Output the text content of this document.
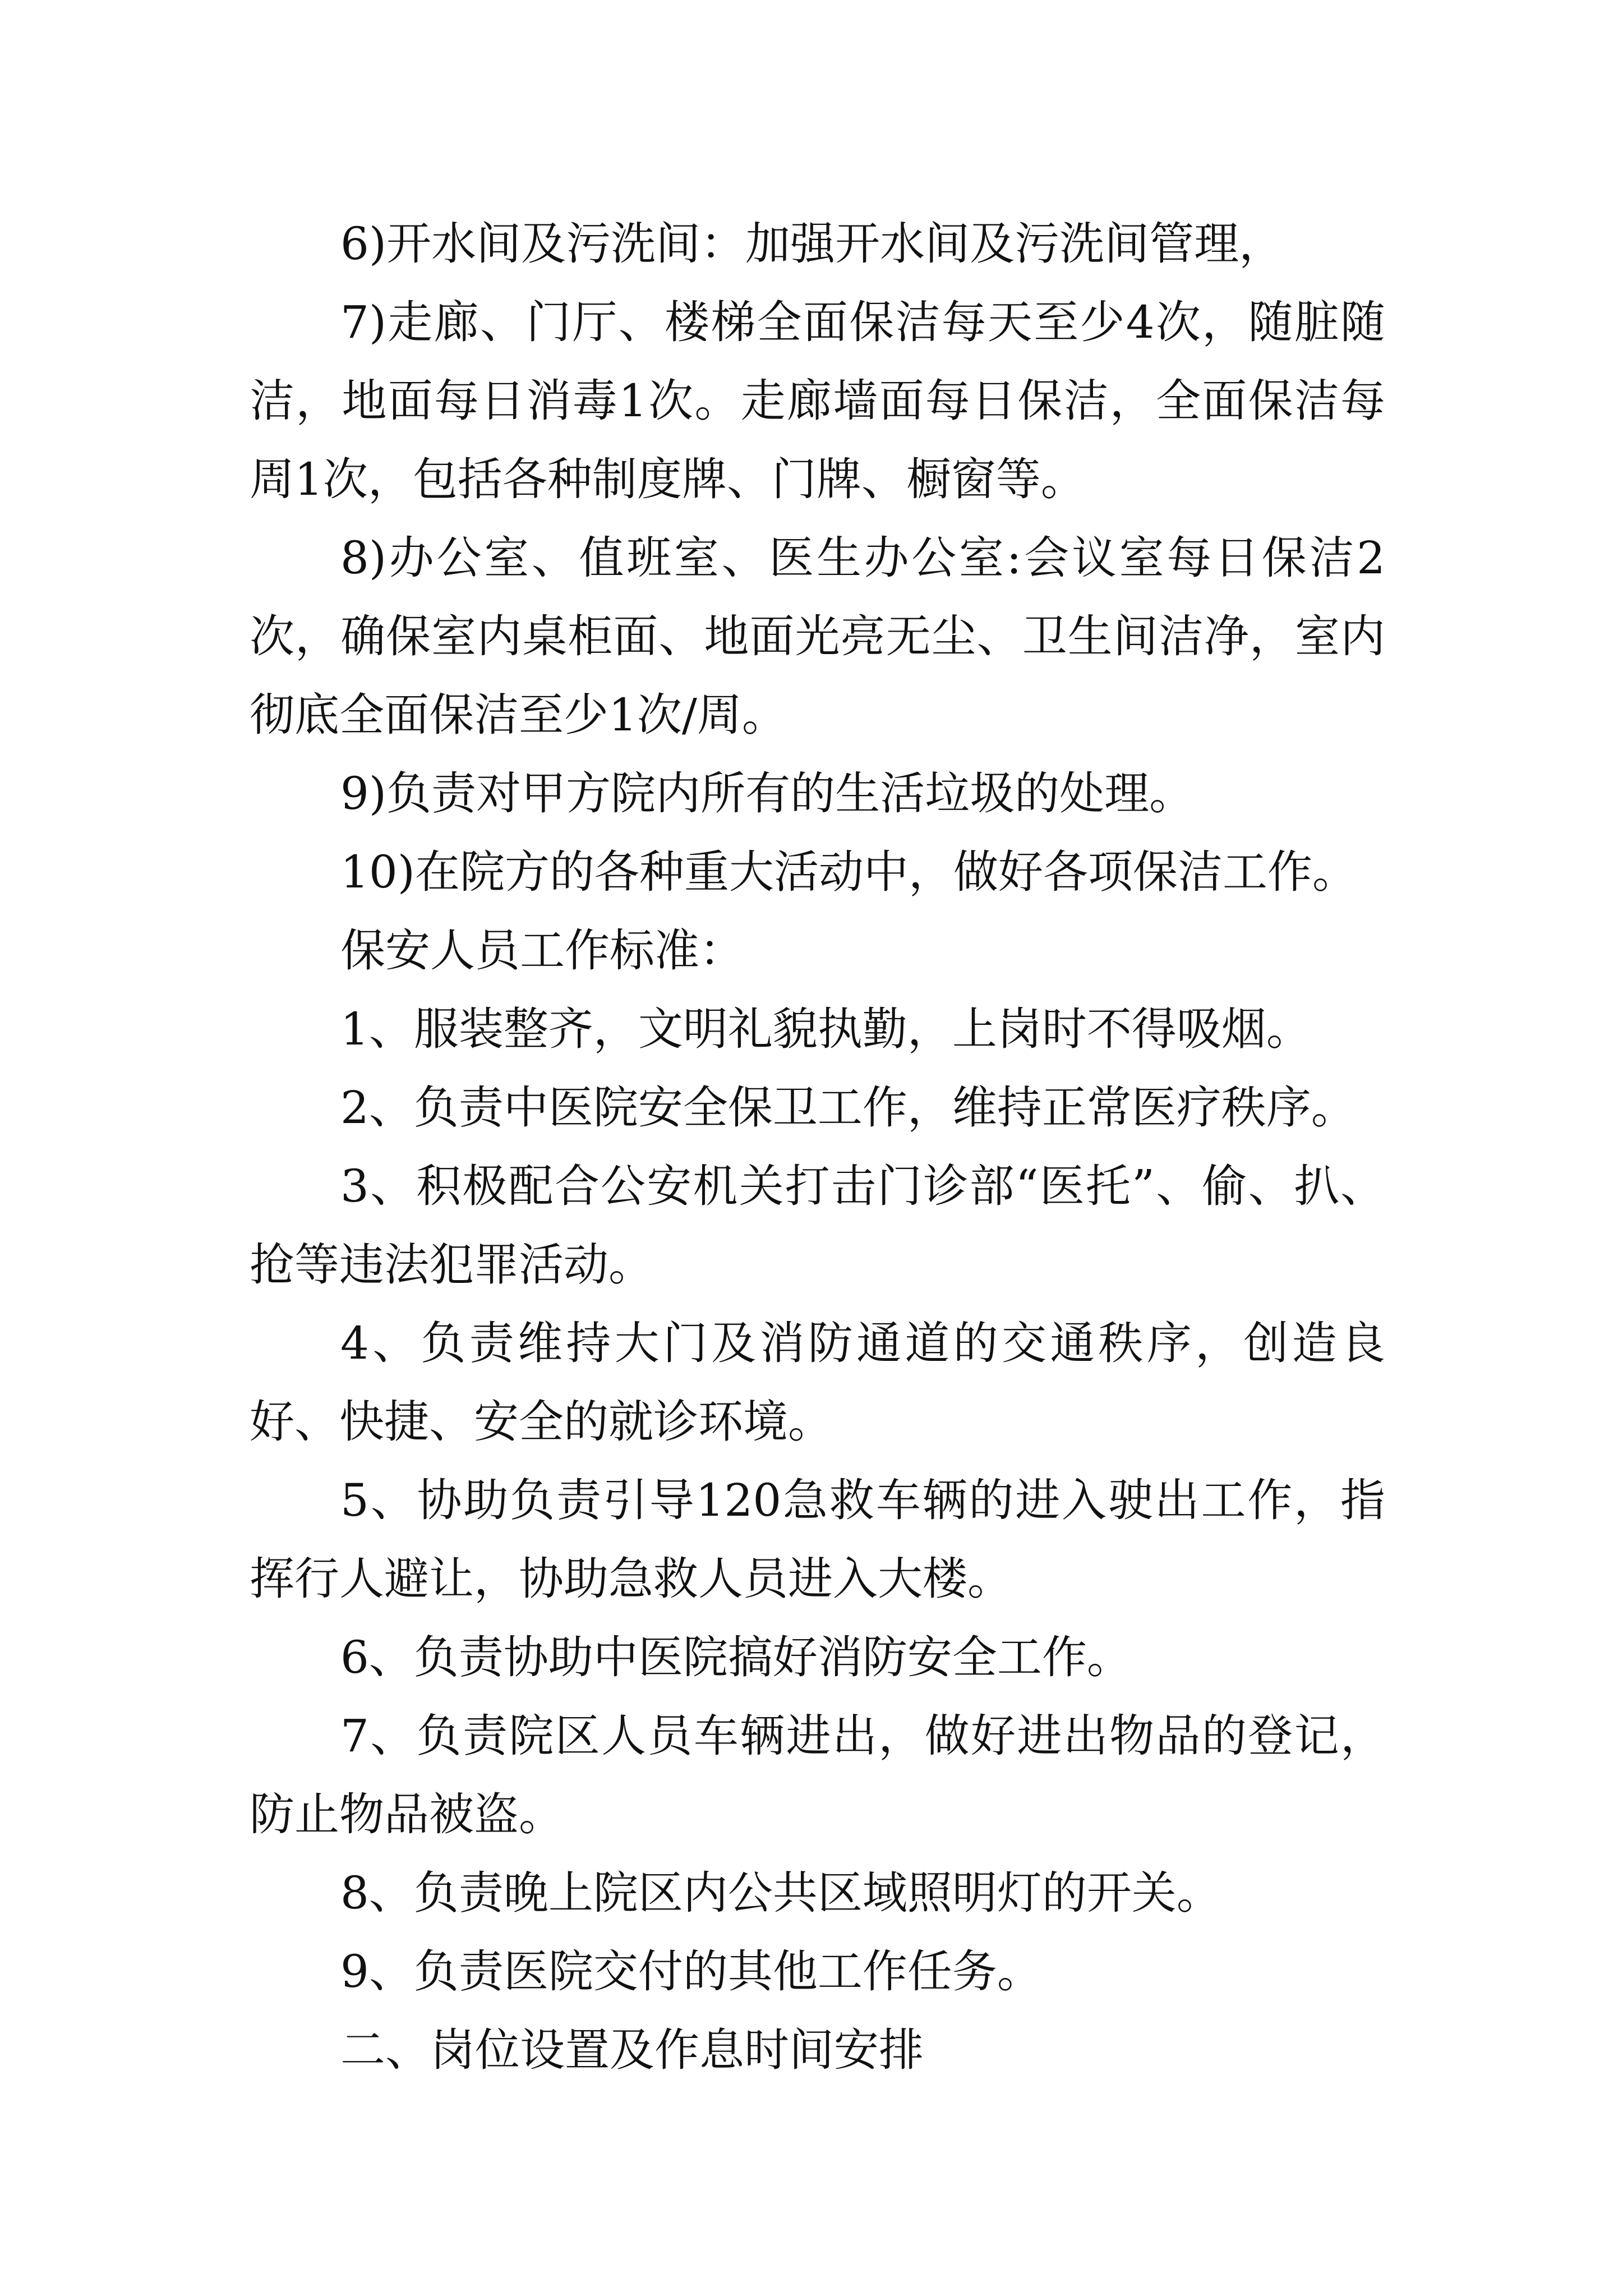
6)开水间及污洗间：加强开水间及污洗间管理，

7)走廊、门厅、楼梯全面保洁每天至少4次，随脏随洁，地面每日消毒1次。走廊墙面每日保洁，全面保洁每周1次，包括各种制度牌、门牌、橱窗等。

8)办公室、值班室、医生办公室:会议室每日保洁2次，确保室内桌柜面、地面光亮无尘、卫生间洁净，室内彻底全面保洁至少1次/周。

9)负责对甲方院内所有的生活垃圾的处理。

10)在院方的各种重大活动中，做好各项保洁工作。

保安人员工作标准：

1、服装整齐，文明礼貌执勤，上岗时不得吸烟。

2、负责中医院安全保卫工作，维持正常医疗秩序。

3、积极配合公安机关打击门诊部“医托”、偷、扒、抢等违法犯罪活动。

4、负责维持大门及消防通道的交通秩序，创造良好、快捷、安全的就诊环境。

5、协助负责引导120急救车辆的进入驶出工作，指挥行人避让，协助急救人员进入大楼。

6、负责协助中医院搞好消防安全工作。

7、负责院区人员车辆进出，做好进出物品的登记，防止物品被盗。

8、负责晚上院区内公共区域照明灯的开关。

9、负责医院交付的其他工作任务。

二、岗位设置及作息时间安排
